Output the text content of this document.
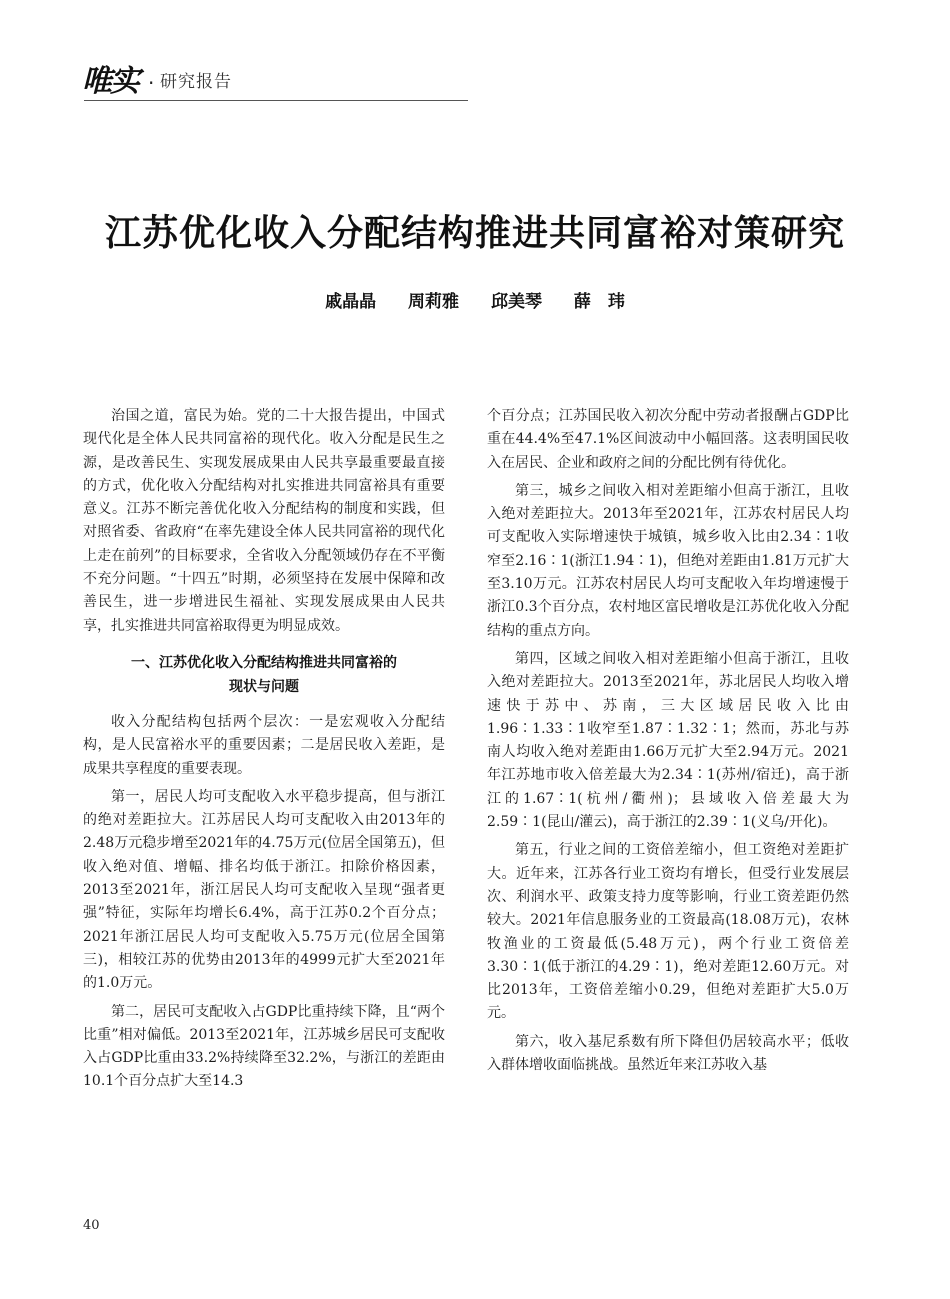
唯实 · 研究报告
江苏优化收入分配结构推进共同富裕对策研究
戚晶晶 周莉雅 邱美琴 薛　玮

治国之道，富民为始。党的二十大报告提出，中国式现代化是全体人民共同富裕的现代化。收入分配是民生之源，是改善民生、实现发展成果由人民共享最重要最直接的方式，优化收入分配结构对扎实推进共同富裕具有重要意义。江苏不断完善优化收入分配结构的制度和实践，但对照省委、省政府“在率先建设全体人民共同富裕的现代化上走在前列”的目标要求，全省收入分配领域仍存在不平衡不充分问题。“十四五”时期，必须坚持在发展中保障和改善民生，进一步增进民生福祉、实现发展成果由人民共享，扎实推进共同富裕取得更为明显成效。

一、江苏优化收入分配结构推进共同富裕的
现状与问题

收入分配结构包括两个层次：一是宏观收入分配结构，是人民富裕水平的重要因素；二是居民收入差距，是成果共享程度的重要表现。

第一，居民人均可支配收入水平稳步提高，但与浙江的绝对差距拉大。江苏居民人均可支配收入由2013年的2.48万元稳步增至2021年的4.75万元(位居全国第五)，但收入绝对值、增幅、排名均低于浙江。扣除价格因素，2013至2021年，浙江居民人均可支配收入呈现“强者更强”特征，实际年均增长6.4%，高于江苏0.2个百分点；2021年浙江居民人均可支配收入5.75万元(位居全国第三)，相较江苏的优势由2013年的4999元扩大至2021年的1.0万元。

第二，居民可支配收入占GDP比重持续下降，且“两个比重”相对偏低。2013至2021年，江苏城乡居民可支配收入占GDP比重由33.2%持续降至32.2%，与浙江的差距由10.1个百分点扩大至14.3

个百分点；江苏国民收入初次分配中劳动者报酬占GDP比重在44.4%至47.1%区间波动中小幅回落。这表明国民收入在居民、企业和政府之间的分配比例有待优化。

第三，城乡之间收入相对差距缩小但高于浙江，且收入绝对差距拉大。2013年至2021年，江苏农村居民人均可支配收入实际增速快于城镇，城乡收入比由2.34∶1收窄至2.16∶1(浙江1.94∶1)，但绝对差距由1.81万元扩大至3.10万元。江苏农村居民人均可支配收入年均增速慢于浙江0.3个百分点，农村地区富民增收是江苏优化收入分配结构的重点方向。

第四，区域之间收入相对差距缩小但高于浙江，且收入绝对差距拉大。2013至2021年，苏北居民人均收入增速快于苏中、苏南，三大区域居民收入比由1.96∶1.33∶1收窄至1.87∶1.32∶1；然而，苏北与苏南人均收入绝对差距由1.66万元扩大至2.94万元。2021年江苏地市收入倍差最大为2.34∶1(苏州/宿迁)，高于浙江的1.67∶1(杭州/衢州)；县域收入倍差最大为2.59∶1(昆山/灌云)，高于浙江的2.39∶1(义乌/开化)。

第五，行业之间的工资倍差缩小，但工资绝对差距扩大。近年来，江苏各行业工资均有增长，但受行业发展层次、利润水平、政策支持力度等影响，行业工资差距仍然较大。2021年信息服务业的工资最高(18.08万元)，农林牧渔业的工资最低(5.48万元)，两个行业工资倍差3.30∶1(低于浙江的4.29∶1)，绝对差距12.60万元。对比2013年，工资倍差缩小0.29，但绝对差距扩大5.0万元。

第六，收入基尼系数有所下降但仍居较高水平；低收入群体增收面临挑战。虽然近年来江苏收入基

40
